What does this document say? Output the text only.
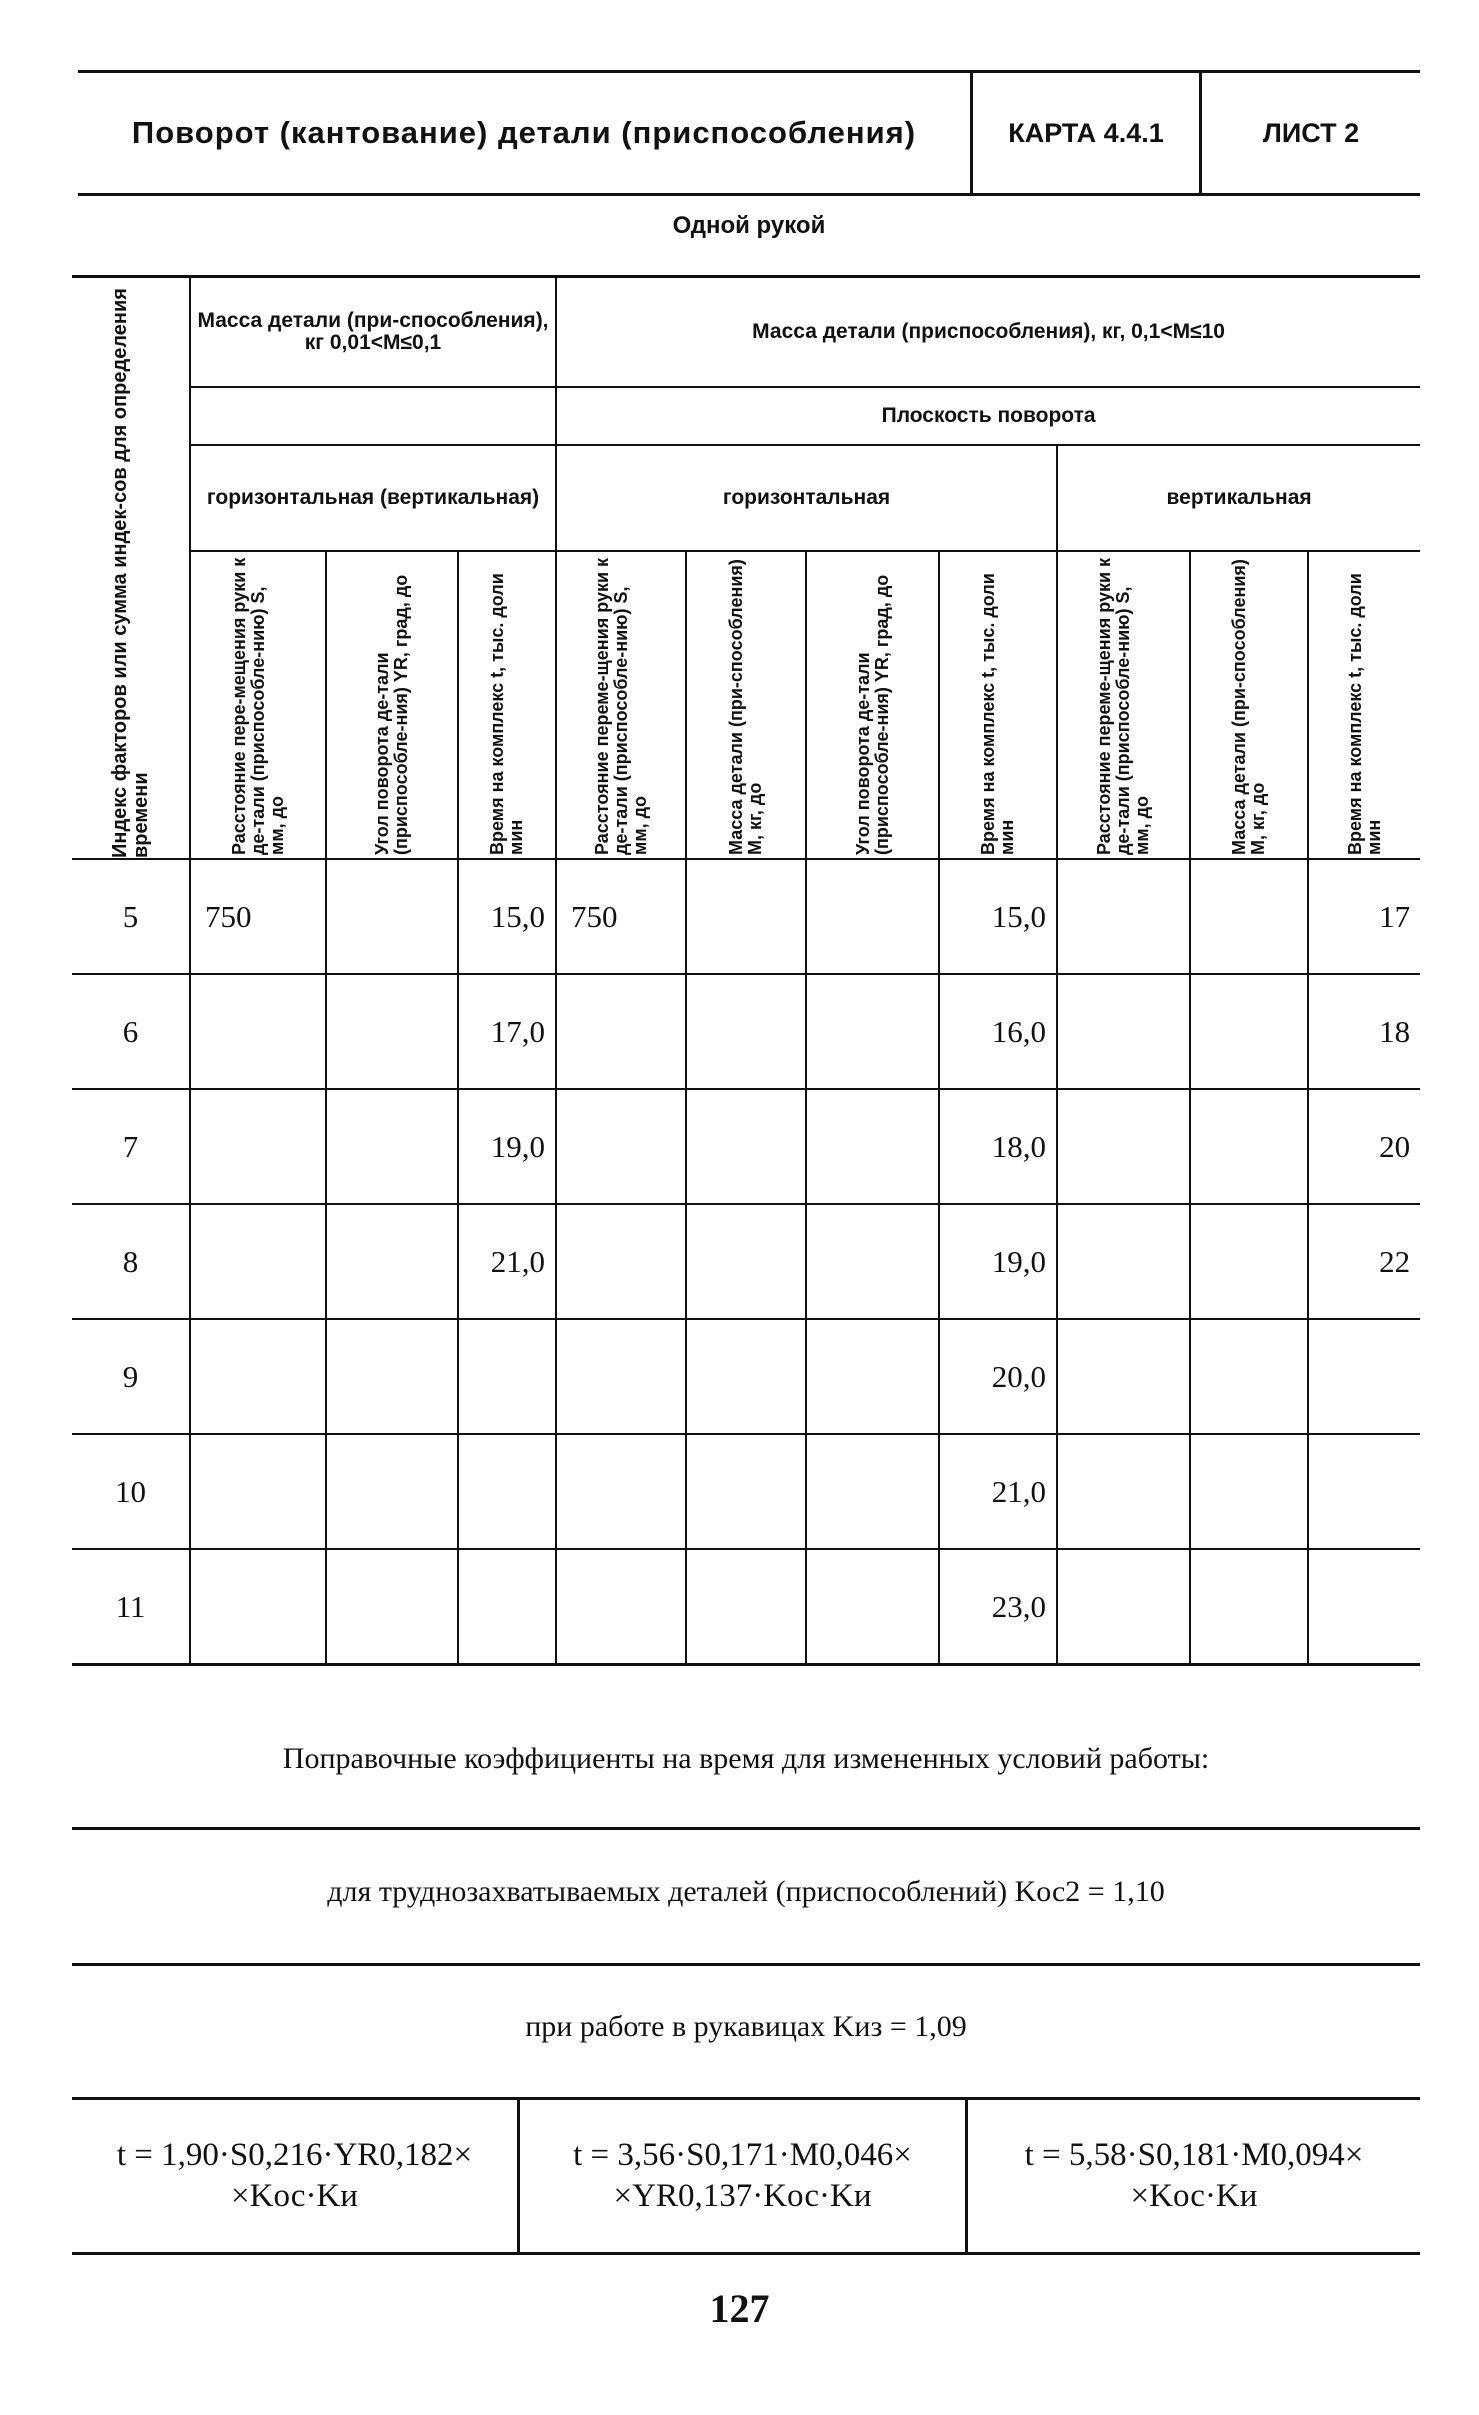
Поворот (кантование) детали (приспособления)	КАРТА 4.4.1	ЛИСТ 2
Одной рукой
Индекс факторов или сумма индек-сов для определения времени	Масса детали (при-способления), кг 0,01<M≤0,1			Масса детали (приспособления), кг, 0,1<M≤10						
				Плоскость поворота						
	горизонтальная (вертикальная)			горизонтальная				вертикальная		

	Расстояние пере-мещения руки к де-тали (приспособле-нию) S, мм, до	Угол поворота де-тали (приспособле-ния) YR, град, до	Время на комплекс t, тыс. доли мин	Расстояние переме-щения руки к де-тали (приспособле-нию) S, мм, до	Масса детали (при-способления) M, кг, до	Угол поворота де-тали (приспособле-ния) YR, град, до	Время на комплекс t, тыс. доли мин	Расстояние переме-щения руки к де-тали (приспособле-нию) S, мм, до	Масса детали (при-способления) M, кг, до	Время на комплекс t, тыс. доли мин

5	750		15,0	750			15,0			17
6			17,0				16,0			18
7			19,0				18,0			20
8			21,0				19,0			22
9							20,0			
10							21,0			
11							23,0			
Поправочные коэффициенты на время для измененных условий работы:
для труднозахватываемых деталей (приспособлений) Kос2 = 1,10
при работе в рукавицах Kиз = 1,09
t = 1,90·S0,216·YR0,182×
×Kос·Kи
t = 3,56·S0,171·M0,046×
×YR0,137·Kос·Kи
t = 5,58·S0,181·M0,094×
×Kос·Kи
127
